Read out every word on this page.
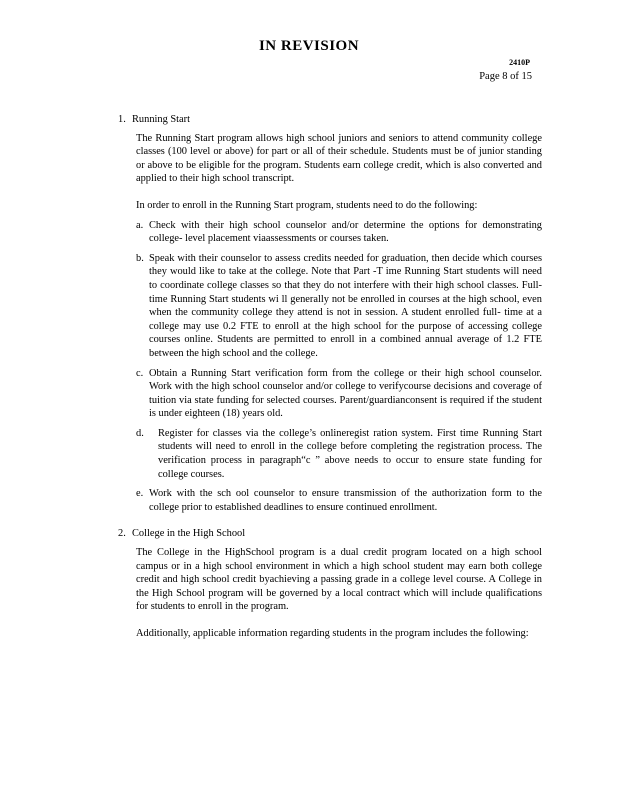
IN REVISION
2410P
Page 8 of 15
1. Running Start

The Running Start program allows high school juniors and seniors to attend community college classes (100 level or above) for part or all of their schedule. Students must be of junior standing or above to be eligible for the program. Students earn college credit, which is also converted and applied to their high school transcript.

In order to enroll in the Running Start program, students need to do the following:

a. Check with their high school counselor and/or determine the options for demonstrating college- level placement viaassessments or courses taken.
b. Speak with their counselor to assess credits needed for graduation, then decide which courses they would like to take at the college. Note that Part -T ime Running Start students will need to coordinate college classes so that they do not interfere with their high school classes. Full-time Running Start students wi ll generally not be enrolled in courses at the high school, even when the community college they attend is not in session. A student enrolled full- time at a college may use 0.2 FTE to enroll at the high school for the purpose of accessing college courses online. Students are permitted to enroll in a combined annual average of 1.2 FTE between the high school and the college.
c. Obtain a Running Start verification form from the college or their high school counselor. Work with the high school counselor and/or college to verifycourse decisions and coverage of tuition via state funding for selected courses. Parent/guardianconsent is required if the student is under eighteen (18) years old.
d.	Register for classes via the college’s onlineregist ration system. First time Running Start students will need to enroll in the college before completing the registration process. The verification process in paragraph“c ” above needs to occur to ensure state funding for college courses.
e. Work with the sch ool counselor to ensure transmission of the authorization form to the college prior to established deadlines to ensure continued enrollment.
2. College in the High School

The College in the HighSchool program is a dual credit program located on a high school campus or in a high school environment in which a high school student may earn both college credit and high school credit byachieving a passing grade in a college level course. A College in the High School program will be governed by a local contract which will include qualifications for students to enroll in the program.

Additionally, applicable information regarding students in the program includes the following:
